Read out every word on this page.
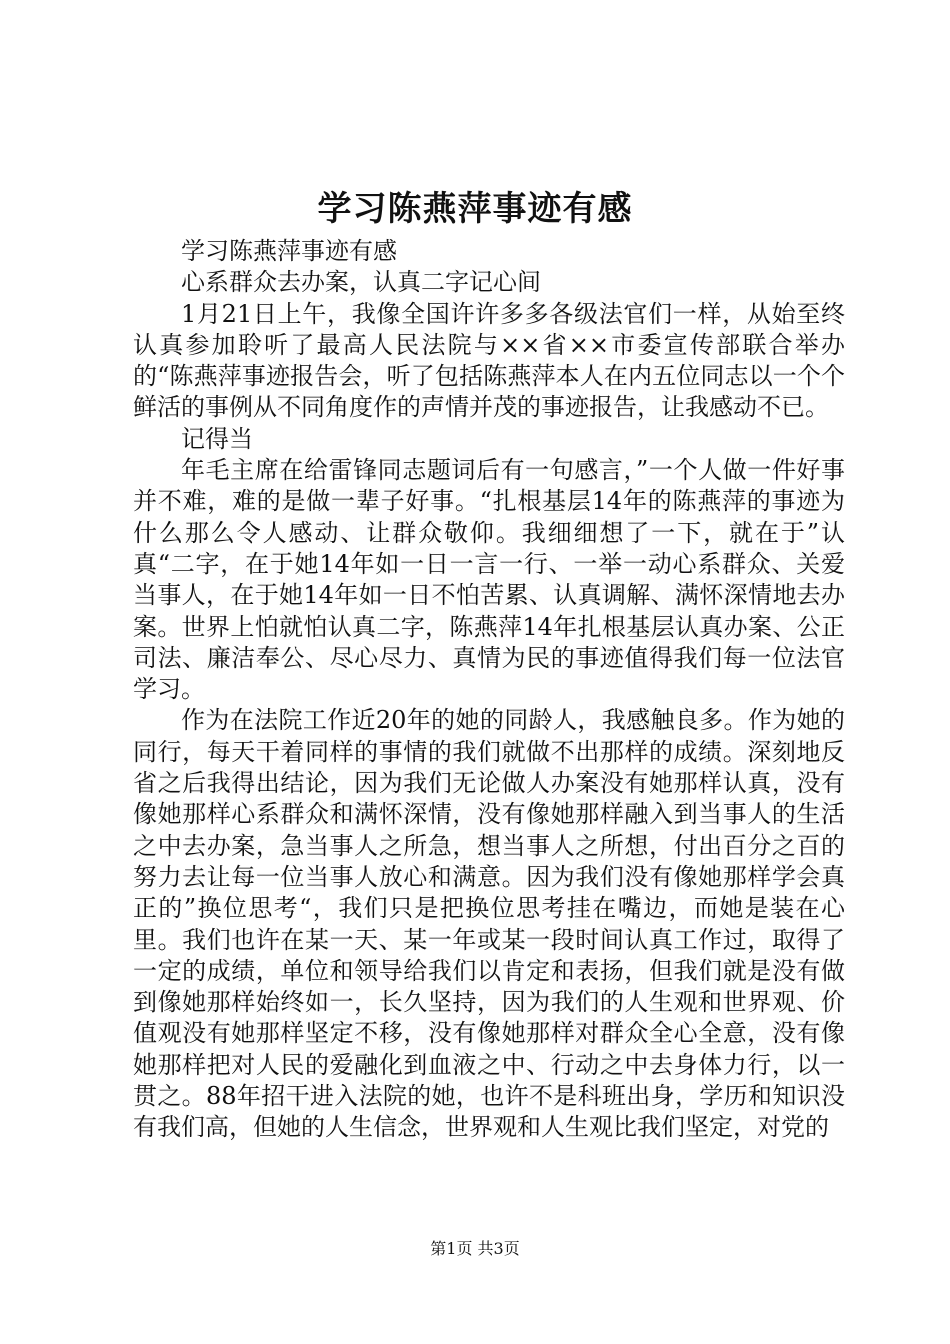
学习陈燕萍事迹有感

学习陈燕萍事迹有感

心系群众去办案，认真二字记心间

1月21日上午，我像全国许许多多各级法官们一样，从始至终认真参加聆听了最高人民法院与××省××市委宣传部联合举办的“陈燕萍事迹报告会，听了包括陈燕萍本人在内五位同志以一个个鲜活的事例从不同角度作的声情并茂的事迹报告，让我感动不已。

记得当

年毛主席在给雷锋同志题词后有一句感言，”一个人做一件好事并不难，难的是做一辈子好事。“扎根基层14年的陈燕萍的事迹为什么那么令人感动、让群众敬仰。我细细想了一下，就在于”认真“二字，在于她14年如一日一言一行、一举一动心系群众、关爱当事人，在于她14年如一日不怕苦累、认真调解、满怀深情地去办案。世界上怕就怕认真二字，陈燕萍14年扎根基层认真办案、公正司法、廉洁奉公、尽心尽力、真情为民的事迹值得我们每一位法官学习。

作为在法院工作近20年的她的同龄人，我感触良多。作为她的同行，每天干着同样的事情的我们就做不出那样的成绩。深刻地反省之后我得出结论，因为我们无论做人办案没有她那样认真，没有像她那样心系群众和满怀深情，没有像她那样融入到当事人的生活之中去办案，急当事人之所急，想当事人之所想，付出百分之百的努力去让每一位当事人放心和满意。因为我们没有像她那样学会真正的”换位思考“，我们只是把换位思考挂在嘴边，而她是装在心里。我们也许在某一天、某一年或某一段时间认真工作过，取得了一定的成绩，单位和领导给我们以肯定和表扬，但我们就是没有做到像她那样始终如一，长久坚持，因为我们的人生观和世界观、价值观没有她那样坚定不移，没有像她那样对群众全心全意，没有像她那样把对人民的爱融化到血液之中、行动之中去身体力行，以一贯之。88年招干进入法院的她，也许不是科班出身，学历和知识没有我们高，但她的人生信念，世界观和人生观比我们坚定，对党的

第1页 共3页
